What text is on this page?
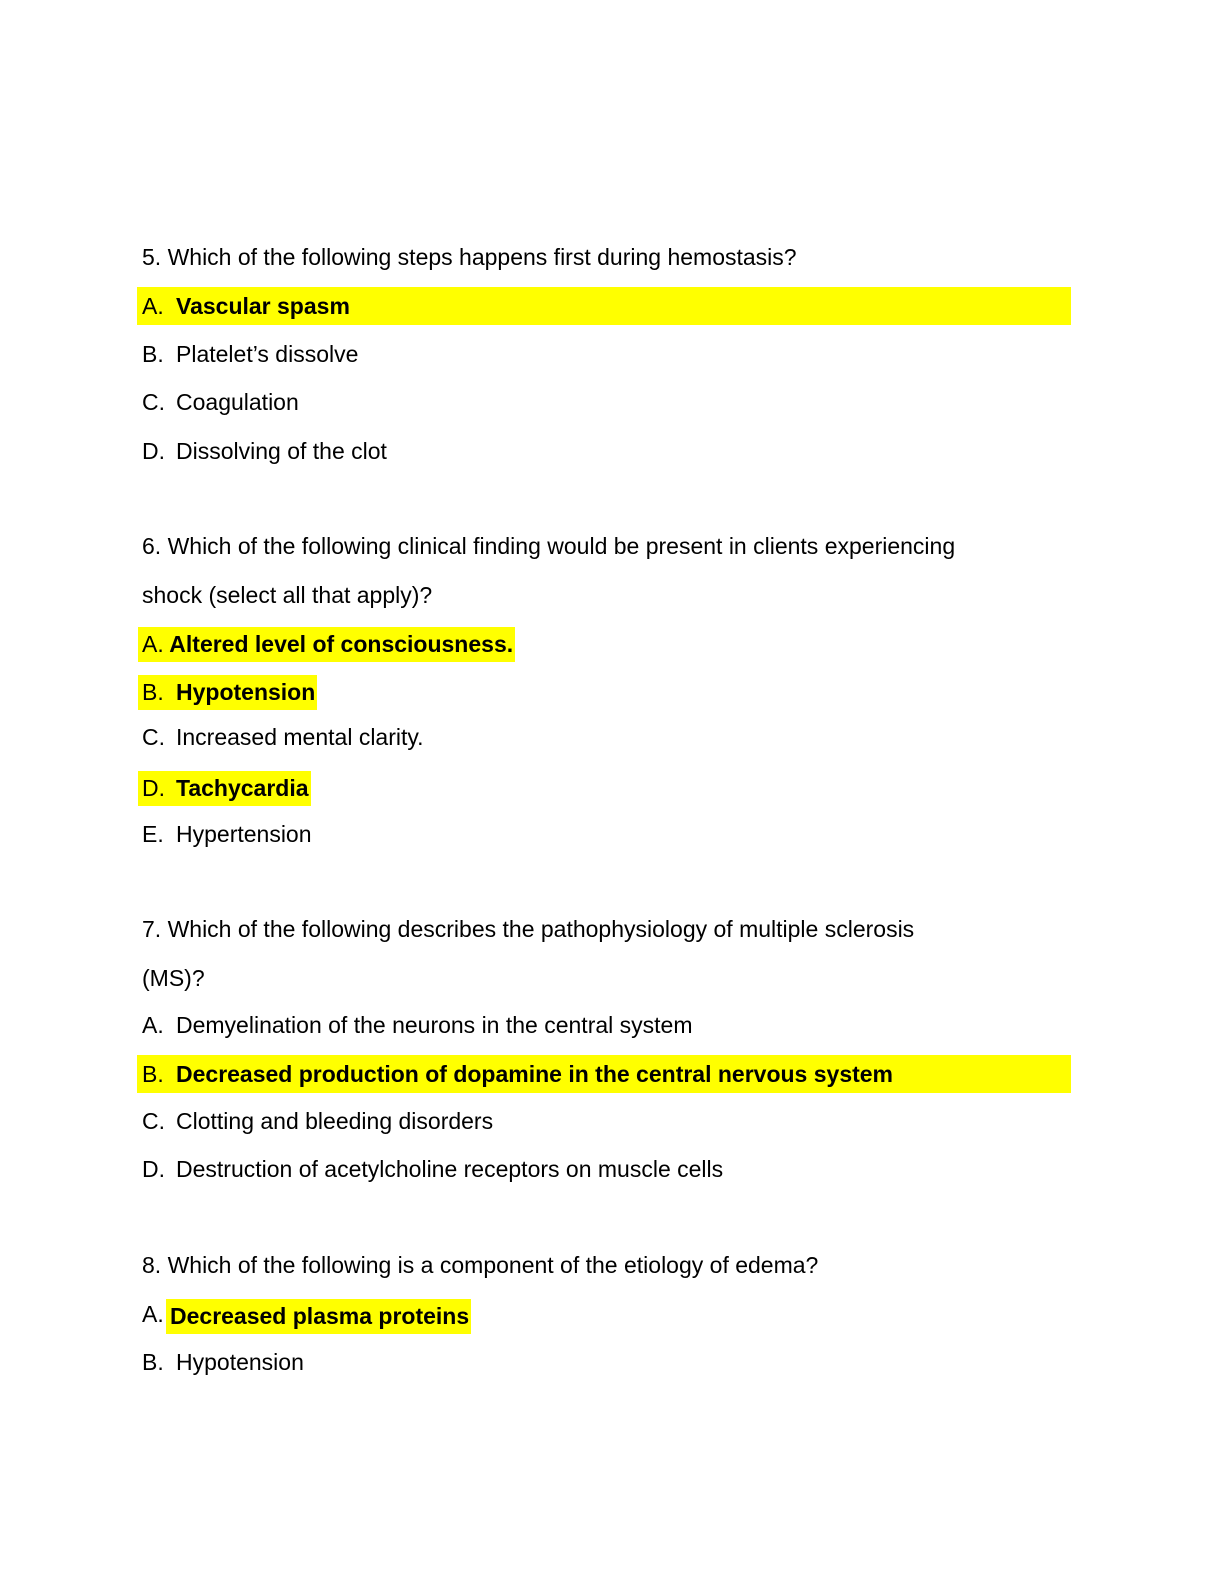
5. Which of the following steps happens first during hemostasis?
A. Vascular spasm
B. Platelet’s dissolve
C. Coagulation
D. Dissolving of the clot
6. Which of the following clinical finding would be present in clients experiencing
shock (select all that apply)?
A. Altered level of consciousness.
B. Hypotension
C. Increased mental clarity.
D. Tachycardia
E. Hypertension
7. Which of the following describes the pathophysiology of multiple sclerosis
(MS)?
A. Demyelination of the neurons in the central system
B. Decreased production of dopamine in the central nervous system
C. Clotting and bleeding disorders
D. Destruction of acetylcholine receptors on muscle cells
8. Which of the following is a component of the etiology of edema?
A. Decreased plasma proteins
B. Hypotension
